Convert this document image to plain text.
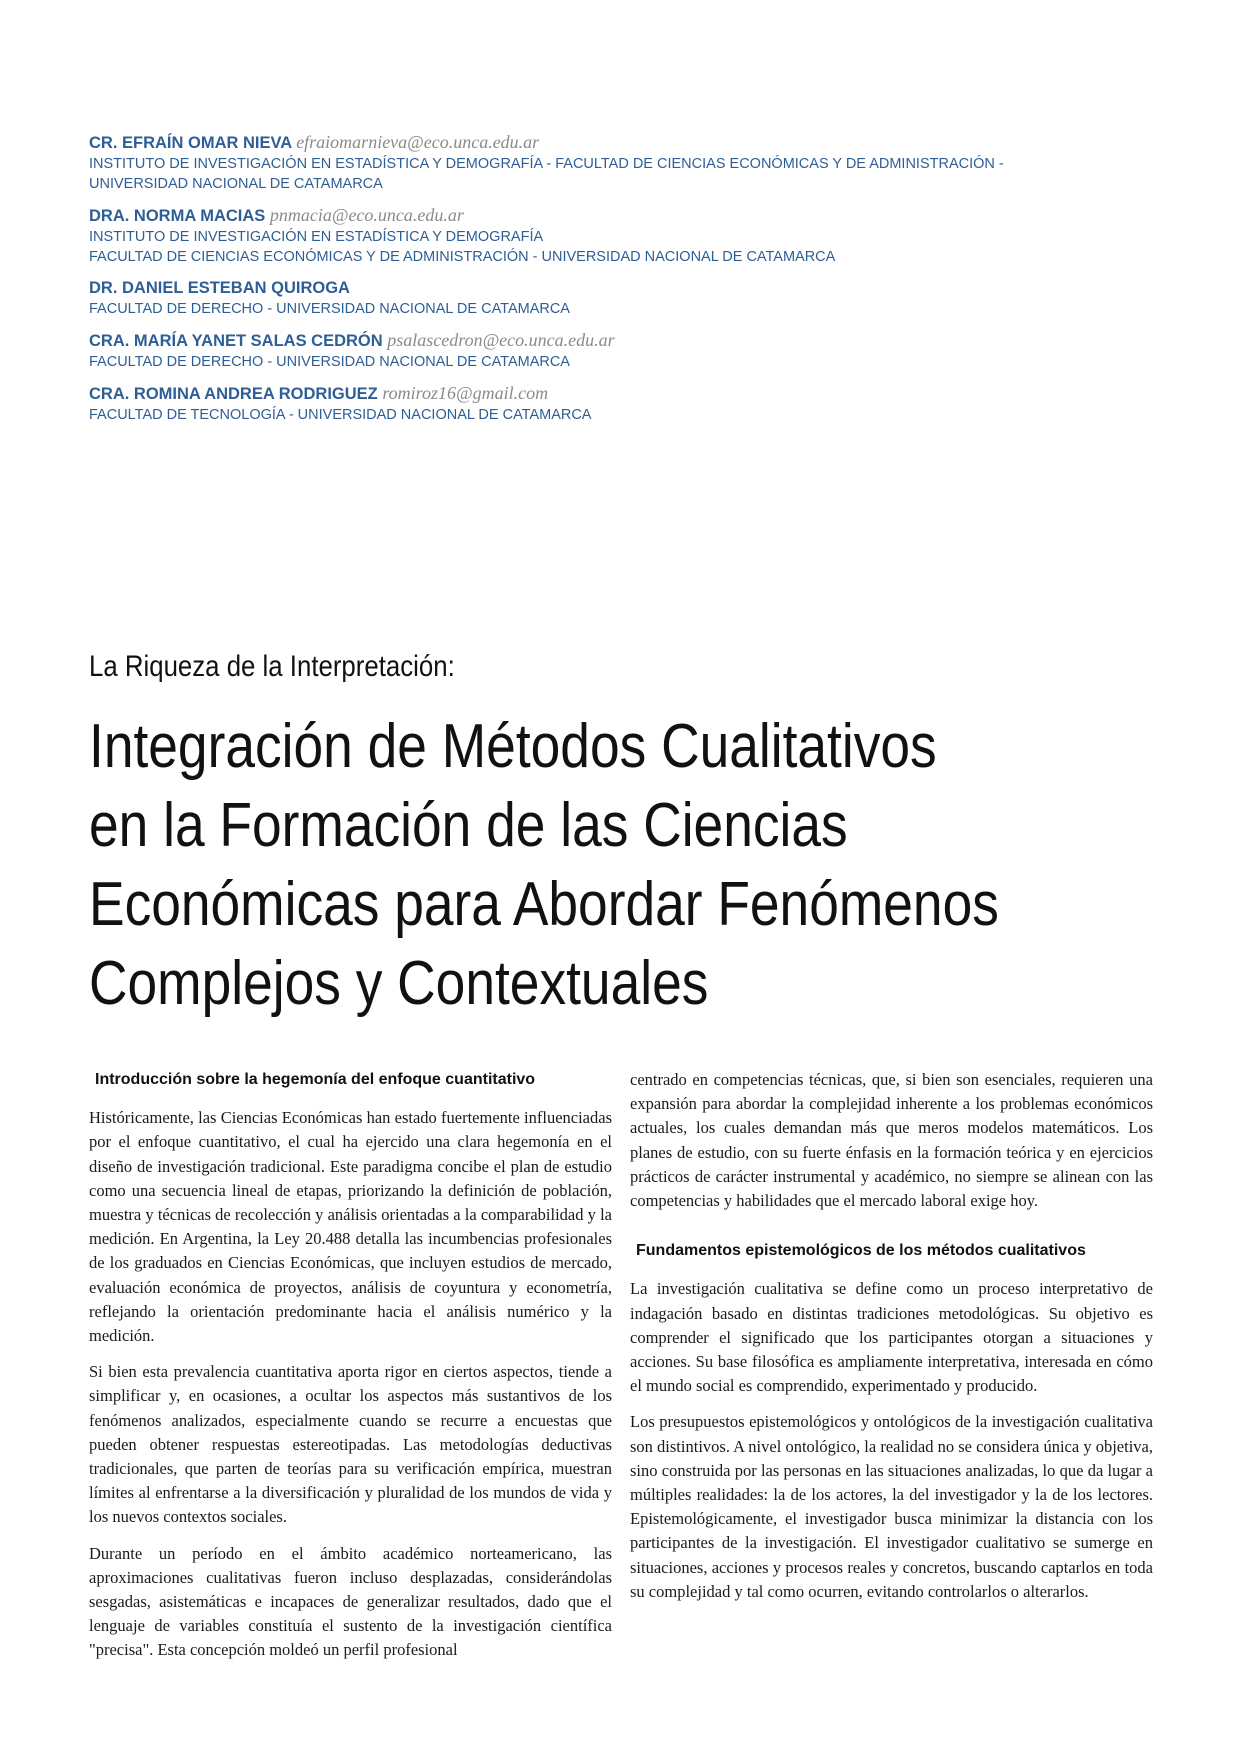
CR. EFRAÍN OMAR NIEVA efraiomarnieva@eco.unca.edu.ar
INSTITUTO DE INVESTIGACIÓN EN ESTADÍSTICA Y DEMOGRAFÍA - FACULTAD DE CIENCIAS ECONÓMICAS Y DE ADMINISTRACIÓN -
UNIVERSIDAD NACIONAL DE CATAMARCA
DRA. NORMA MACIAS pnmacia@eco.unca.edu.ar
INSTITUTO DE INVESTIGACIÓN EN ESTADÍSTICA Y DEMOGRAFÍA
FACULTAD DE CIENCIAS ECONÓMICAS Y DE ADMINISTRACIÓN - UNIVERSIDAD NACIONAL DE CATAMARCA
DR. DANIEL ESTEBAN QUIROGA
FACULTAD DE DERECHO - UNIVERSIDAD NACIONAL DE CATAMARCA
CRA. MARÍA YANET SALAS CEDRÓN psalascedron@eco.unca.edu.ar
FACULTAD DE DERECHO - UNIVERSIDAD NACIONAL DE CATAMARCA
CRA. ROMINA ANDREA RODRIGUEZ romiroz16@gmail.com
FACULTAD DE TECNOLOGÍA - UNIVERSIDAD NACIONAL DE CATAMARCA
La Riqueza de la Interpretación:
Integración de Métodos Cualitativos
en la Formación de las Ciencias
Económicas para Abordar Fenómenos
Complejos y Contextuales
Introducción sobre la hegemonía del enfoque cuantitativo

Históricamente, las Ciencias Económicas han estado fuertemente influenciadas por el enfoque cuantitativo, el cual ha ejercido una clara hegemonía en el diseño de investigación tradicional. Este paradigma concibe el plan de estudio como una secuencia lineal de etapas, priorizando la definición de población, muestra y técnicas de recolección y análisis orientadas a la comparabilidad y la medición. En Argentina, la Ley 20.488 detalla las incumbencias profesionales de los graduados en Ciencias Económicas, que incluyen estudios de mercado, evaluación económica de proyectos, análisis de coyuntura y econometría, reflejando la orientación predominante hacia el análisis numérico y la medición.

Si bien esta prevalencia cuantitativa aporta rigor en ciertos aspectos, tiende a simplificar y, en ocasiones, a ocultar los aspectos más sustantivos de los fenómenos analizados, especialmente cuando se recurre a encuestas que pueden obtener respuestas estereotipadas. Las metodologías deductivas tradicionales, que parten de teorías para su verificación empírica, muestran límites al enfrentarse a la diversificación y pluralidad de los mundos de vida y los nuevos contextos sociales.

Durante un período en el ámbito académico norteamericano, las aproximaciones cualitativas fueron incluso desplazadas, considerándolas sesgadas, asistemáticas e incapaces de generalizar resultados, dado que el lenguaje de variables constituía el sustento de la investigación científica "precisa". Esta concepción moldeó un perfil profesional

centrado en competencias técnicas, que, si bien son esenciales, requieren una expansión para abordar la complejidad inherente a los problemas económicos actuales, los cuales demandan más que meros modelos matemáticos. Los planes de estudio, con su fuerte énfasis en la formación teórica y en ejercicios prácticos de carácter instrumental y académico, no siempre se alinean con las competencias y habilidades que el mercado laboral exige hoy.

Fundamentos epistemológicos de los métodos cualitativos

La investigación cualitativa se define como un proceso interpretativo de indagación basado en distintas tradiciones metodológicas. Su objetivo es comprender el significado que los participantes otorgan a situaciones y acciones. Su base filosófica es ampliamente interpretativa, interesada en cómo el mundo social es comprendido, experimentado y producido.

Los presupuestos epistemológicos y ontológicos de la investigación cualitativa son distintivos. A nivel ontológico, la realidad no se considera única y objetiva, sino construida por las personas en las situaciones analizadas, lo que da lugar a múltiples realidades: la de los actores, la del investigador y la de los lectores. Epistemológicamente, el investigador busca minimizar la distancia con los participantes de la investigación. El investigador cualitativo se sumerge en situaciones, acciones y procesos reales y concretos, buscando captarlos en toda su complejidad y tal como ocurren, evitando controlarlos o alterarlos.
